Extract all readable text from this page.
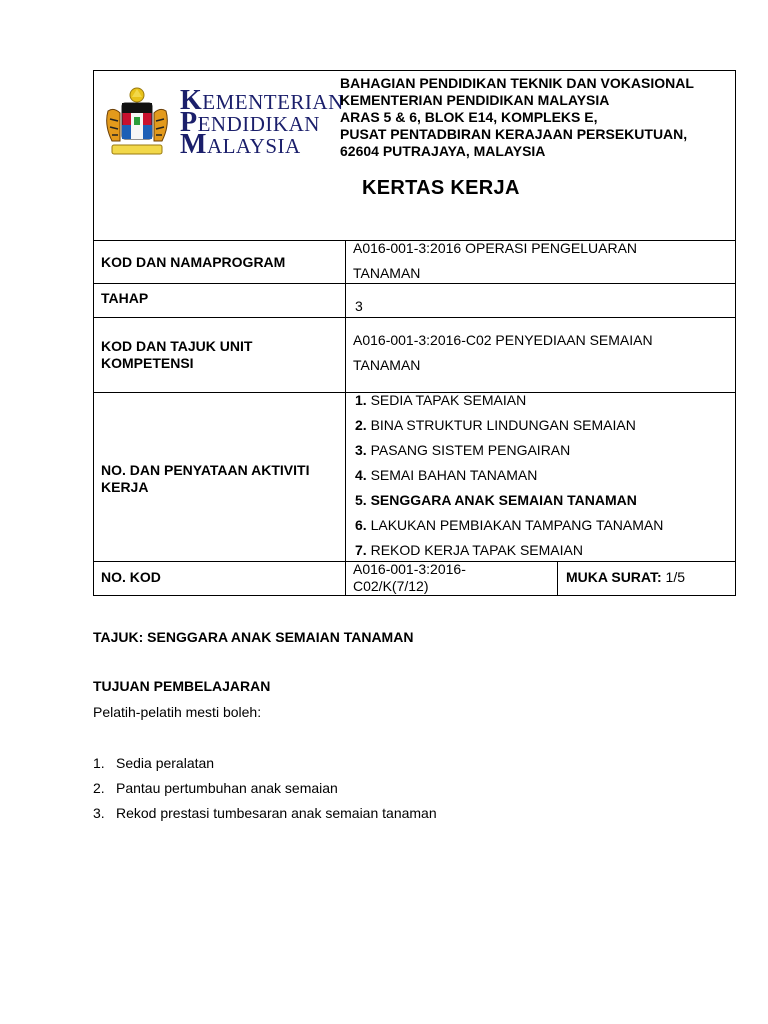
KEMENTERIAN
PENDIDIKAN
MALAYSIA
BAHAGIAN PENDIDIKAN TEKNIK DAN VOKASIONAL
KEMENTERIAN PENDIDIKAN MALAYSIA
ARAS 5 & 6, BLOK E14, KOMPLEKS E,
PUSAT PENTADBIRAN KERAJAAN PERSEKUTUAN,
62604 PUTRAJAYA, MALAYSIA
KERTAS KERJA
KOD DAN NAMAPROGRAM
A016-001-3:2016 OPERASI PENGELUARAN
TANAMAN
TAHAP	3
KOD DAN TAJUK UNIT
KOMPETENSI
A016-001-3:2016-C02 PENYEDIAAN SEMAIAN
TANAMAN
NO. DAN PENYATAAN AKTIVITI
KERJA
1. SEDIA TAPAK SEMAIAN
2. BINA STRUKTUR LINDUNGAN SEMAIAN
3. PASANG SISTEM PENGAIRAN
4. SEMAI BAHAN TANAMAN
5. SENGGARA ANAK SEMAIAN TANAMAN
6. LAKUKAN PEMBIAKAN TAMPANG TANAMAN
7. REKOD KERJA TAPAK SEMAIAN
NO. KOD	A016-001-3:2016-
C02/K(7/12)
MUKA SURAT: 1/5
TAJUK: SENGGARA ANAK SEMAIAN TANAMAN
TUJUAN PEMBELAJARAN
Pelatih-pelatih mesti boleh:
1. Sedia peralatan
2. Pantau pertumbuhan anak semaian
3. Rekod prestasi tumbesaran anak semaian tanaman
